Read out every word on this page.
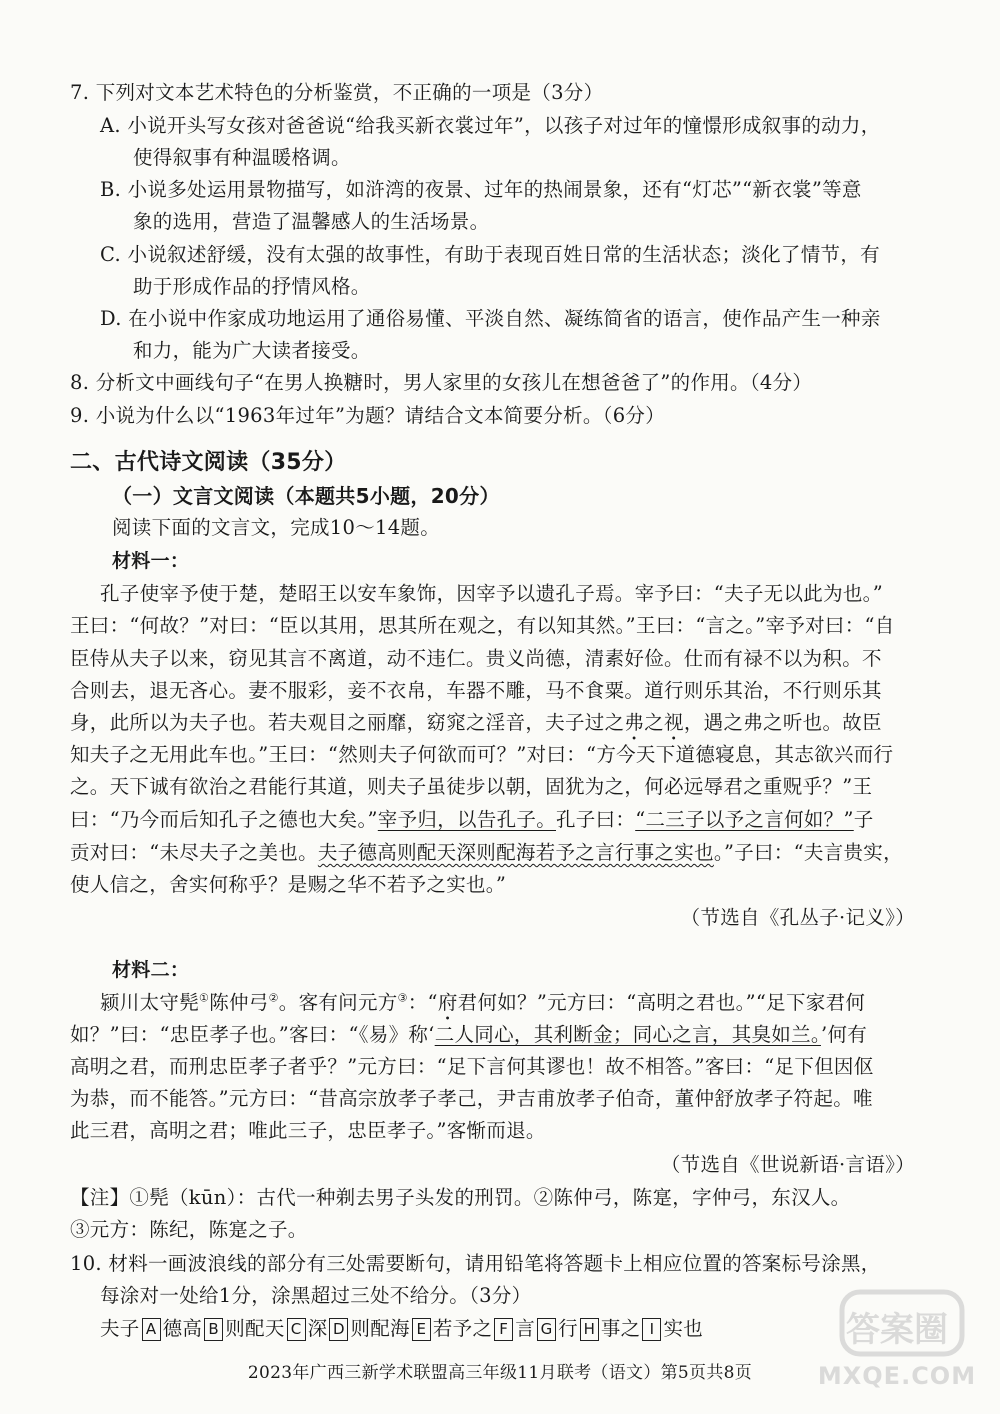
7. 下列对文本艺术特色的分析鉴赏，不正确的一项是（3分）
A. 小说开头写女孩对爸爸说“给我买新衣裳过年”，以孩子对过年的憧憬形成叙事的动力，
使得叙事有种温暖格调。
B. 小说多处运用景物描写，如浒湾的夜景、过年的热闹景象，还有“灯芯”“新衣裳”等意
象的选用，营造了温馨感人的生活场景。
C. 小说叙述舒缓，没有太强的故事性，有助于表现百姓日常的生活状态；淡化了情节，有
助于形成作品的抒情风格。
D. 在小说中作家成功地运用了通俗易懂、平淡自然、凝练简省的语言，使作品产生一种亲
和力，能为广大读者接受。
8. 分析文中画线句子“在男人换糖时，男人家里的女孩儿在想爸爸了”的作用。（4分）
9. 小说为什么以“1963年过年”为题？请结合文本简要分析。（6分）
二、古代诗文阅读（35分）
（一）文言文阅读（本题共5小题，20分）
阅读下面的文言文，完成10～14题。
材料一：
孔子使宰予使于楚，楚昭王以安车象饰，因宰予以遗孔子焉。宰予曰：“夫子无以此为也。”
王曰：“何故？”对曰：“臣以其用，思其所在观之，有以知其然。”王曰：“言之。”宰予对曰：“自
臣侍从夫子以来，窃见其言不离道，动不违仁。贵义尚德，清素好俭。仕而有禄不以为积。不
合则去，退无吝心。妻不服彩，妾不衣帛，车器不雕，马不食粟。道行则乐其治，不行则乐其
身，此所以为夫子也。若夫观目之丽靡，窈窕之淫音，夫子过之弗之视，遇之弗之听也。故臣
知夫子之无用此车也。”王曰：“然则夫子何欲而可？”对曰：“方今天下道德寝息，其志欲兴而行
之。天下诚有欲治之君能行其道，则夫子虽徒步以朝，固犹为之，何必远辱君之重贶乎？”王
曰：“乃今而后知孔子之德也大矣。”宰予归，以告孔子。孔子曰：“二三子以予之言何如？”子
贡对曰：“未尽夫子之美也。夫子德高则配天深则配海若予之言行事之实也。”子曰：“夫言贵实，
使人信之，舍实何称乎？是赐之华不若予之实也。”
（节选自《孔丛子·记义》）
材料二：
颍川太守髡①陈仲弓②。客有问元方③：“府君何如？”元方曰：“高明之君也。”“足下家君何
如？”曰：“忠臣孝子也。”客曰：“《易》称‘二人同心，其利断金；同心之言，其臭如兰。’何有
高明之君，而刑忠臣孝子者乎？”元方曰：“足下言何其谬也！故不相答。”客曰：“足下但因伛
为恭，而不能答。”元方曰：“昔高宗放孝子孝己，尹吉甫放孝子伯奇，董仲舒放孝子符起。唯
此三君，高明之君；唯此三子，忠臣孝子。”客惭而退。
（节选自《世说新语·言语》）
【注】①髡（kūn）：古代一种剃去男子头发的刑罚。②陈仲弓，陈寔，字仲弓，东汉人。
③元方：陈纪，陈寔之子。
10. 材料一画波浪线的部分有三处需要断句，请用铅笔将答题卡上相应位置的答案标号涂黑，
每涂对一处给1分，涂黑超过三处不给分。（3分）
夫子 A 德高 B 则配天 C 深 D 则配海 E 若予之 F 言 G 行 H 事之 I 实也
2023年广西三新学术联盟高三年级11月联考（语文）第5页共8页
答案圈
MXQE.COM
